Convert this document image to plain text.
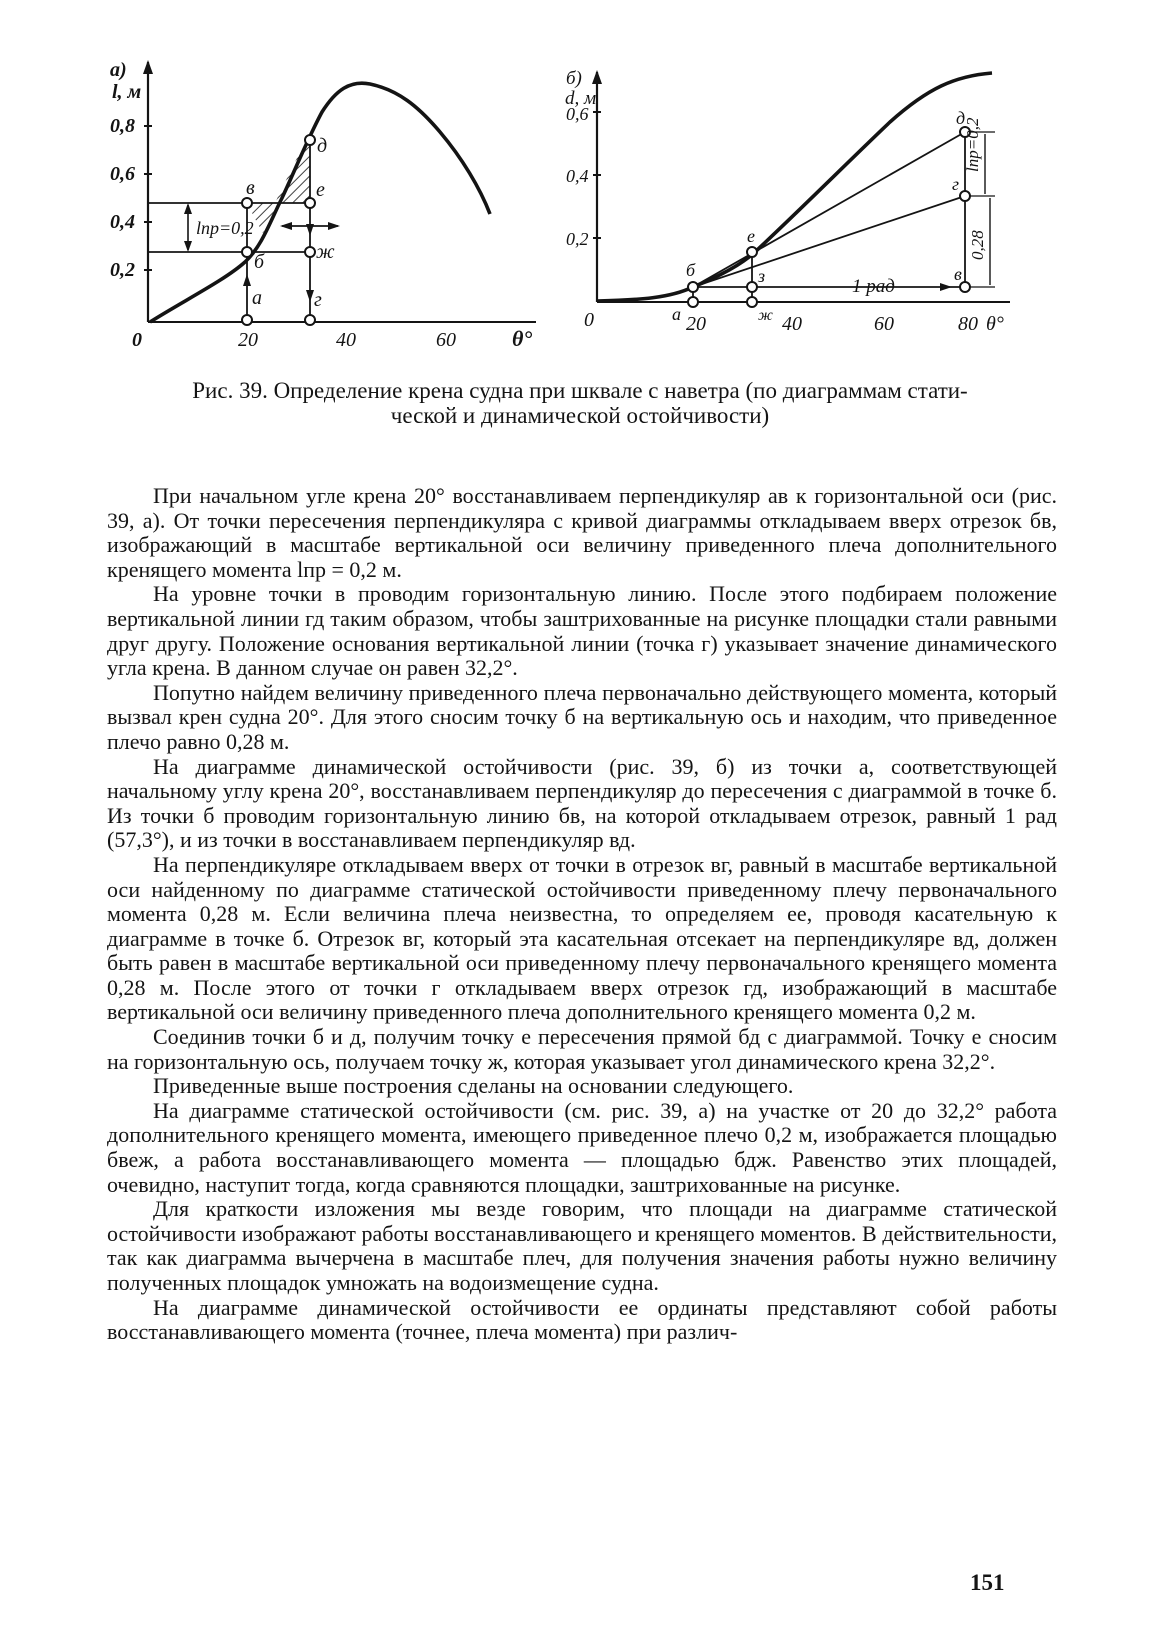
а)
l, м
0,8
0,6
0,4
0,2
0	20	40	60	θ°
а
б
в
г
д
е
ж
lпр=0,2
б)
d, м
0,6
0,4
0,2
0	20	40	60	80 θ°
а
б	в
г
д
е
ж
з	1 рад
lпр=0,2
0,28
Рис. 39. Определение крена судна при шквале с наветра (по диаграммам стати-
ческой и динамической остойчивости)

При начальном угле крена 20° восстанавливаем перпендикуляр ав к горизонтальной оси (рис. 39, а). От точки пересечения перпендикуляра с кривой диаграммы откладываем вверх отрезок бв, изображающий в масштабе вертикальной оси величину приведенного плеча дополнительного кренящего момента lпр = 0,2 м.

На уровне точки в проводим горизонтальную линию. После этого подбираем положение вертикальной линии гд таким образом, чтобы заштрихованные на рисунке площадки стали равными друг другу. Положение основания вертикальной линии (точка г) указывает значение динамического угла крена. В данном случае он равен 32,2°.

Попутно найдем величину приведенного плеча первоначально действующего момента, который вызвал крен судна 20°. Для этого сносим точку б на вертикальную ось и находим, что приведенное плечо равно 0,28 м.

На диаграмме динамической остойчивости (рис. 39, б) из точки а, соответствующей начальному углу крена 20°, восстанавливаем перпендикуляр до пересечения с диаграммой в точке б. Из точки б проводим горизонтальную линию бв, на которой откладываем отрезок, равный 1 рад (57,3°), и из точки в восстанавливаем перпендикуляр вд.

На перпендикуляре откладываем вверх от точки в отрезок вг, равный в масштабе вертикальной оси найденному по диаграмме статической остойчивости приведенному плечу первоначального момента 0,28 м. Если величина плеча неизвестна, то определяем ее, проводя касательную к диаграмме в точке б. Отрезок вг, который эта касательная отсекает на перпендикуляре вд, должен быть равен в масштабе вертикальной оси приведенному плечу первоначального кренящего момента 0,28 м. После этого от точки г откладываем вверх отрезок гд, изображающий в масштабе вертикальной оси величину приведенного плеча дополнительного кренящего момента 0,2 м.

Соединив точки б и д, получим точку е пересечения прямой бд с диаграммой. Точку е сносим на горизонтальную ось, получаем точку ж, которая указывает угол динамического крена 32,2°.

Приведенные выше построения сделаны на основании следующего.

На диаграмме статической остойчивости (см. рис. 39, а) на участке от 20 до 32,2° работа дополнительного кренящего момента, имеющего приведенное плечо 0,2 м, изображается площадью бвеж, а работа восстанавливающего момента — площадью бдж. Равенство этих площадей, очевидно, наступит тогда, когда сравняются площадки, заштрихованные на рисунке.

Для краткости изложения мы везде говорим, что площади на диаграмме статической остойчивости изображают работы восстанавливающего и кренящего моментов. В действительности, так как диаграмма вычерчена в масштабе плеч, для получения значения работы нужно величину полученных площадок умножать на водоизмещение судна.

На диаграмме динамической остойчивости ее ординаты представляют собой работы восстанавливающего момента (точнее, плеча момента) при различ-

151
